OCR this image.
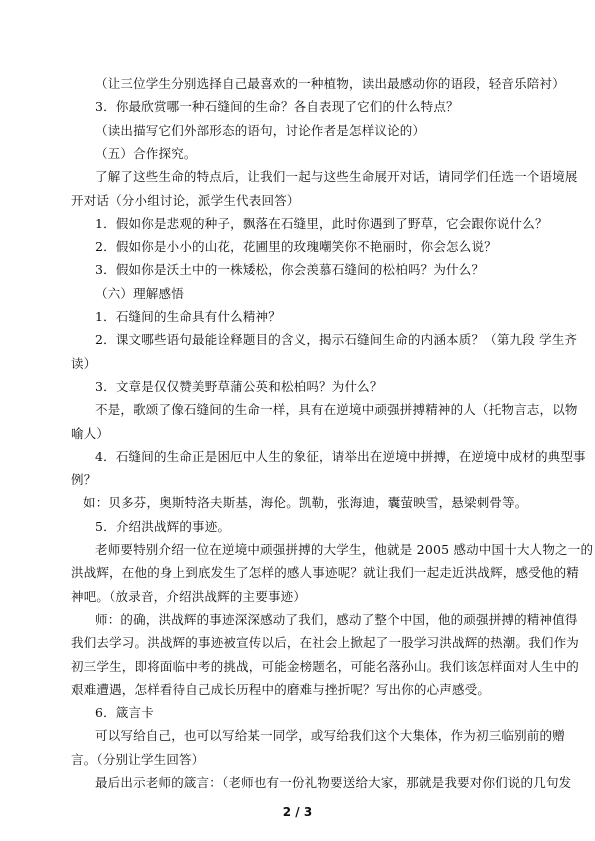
（让三位学生分别选择自己最喜欢的一种植物，读出最感动你的语段，轻音乐陪衬）
3．你最欣赏哪一种石缝间的生命？各自表现了它们的什么特点？
（读出描写它们外部形态的语句，讨论作者是怎样议论的）
（五）合作探究。
了解了这些生命的特点后，让我们一起与这些生命展开对话，请同学们任选一个语境展
开对话（分小组讨论，派学生代表回答）
1．假如你是悲观的种子，飘落在石缝里，此时你遇到了野草，它会跟你说什么？
2．假如你是小小的山花，花圃里的玫瑰嘲笑你不艳丽时，你会怎么说？
3．假如你是沃土中的一株矮松，你会羡慕石缝间的松柏吗？为什么？
（六）理解感悟
1．石缝间的生命具有什么精神？
2．课文哪些语句最能诠释题目的含义，揭示石缝间生命的内涵本质？（第九段 学生齐
读）
3．文章是仅仅赞美野草蒲公英和松柏吗？为什么？
不是，歌颂了像石缝间的生命一样，具有在逆境中顽强拼搏精神的人（托物言志，以物
喻人）
4．石缝间的生命正是困厄中人生的象征，请举出在逆境中拼搏，在逆境中成材的典型事
例？
如：贝多芬，奥斯特洛夫斯基，海伦。凯勒，张海迪，囊萤映雪，悬梁刺骨等。
5．介绍洪战辉的事迹。
老师要特别介绍一位在逆境中顽强拼搏的大学生，他就是 2005 感动中国十大人物之一的
洪战辉，在他的身上到底发生了怎样的感人事迹呢？就让我们一起走近洪战辉，感受他的精
神吧。（放录音，介绍洪战辉的主要事迹）
师：的确，洪战辉的事迹深深感动了我们，感动了整个中国，他的顽强拼搏的精神值得
我们去学习。洪战辉的事迹被宣传以后，在社会上掀起了一股学习洪战辉的热潮。我们作为
初三学生，即将面临中考的挑战，可能金榜题名，可能名落孙山。我们该怎样面对人生中的
艰难遭遇，怎样看待自己成长历程中的磨难与挫折呢？写出你的心声感受。
6．箴言卡
可以写给自己，也可以写给某一同学，或写给我们这个大集体，作为初三临别前的赠
言。（分别让学生回答）
最后出示老师的箴言：（老师也有一份礼物要送给大家，那就是我要对你们说的几句发
2 / 3
